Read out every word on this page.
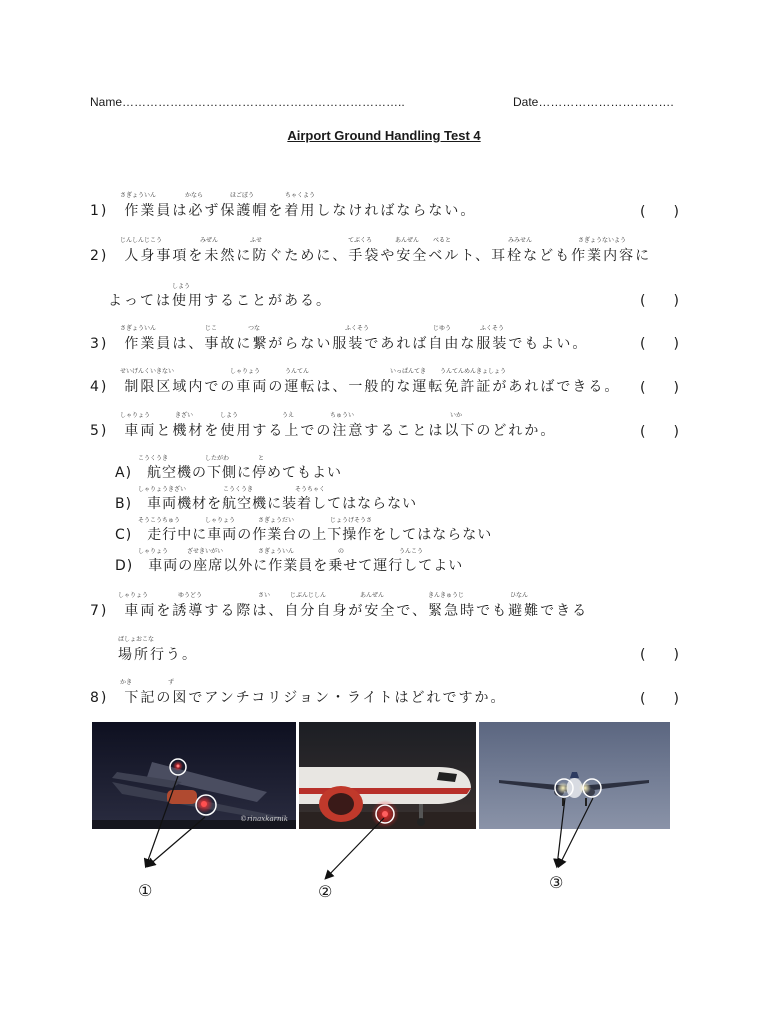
Name……………………………………………………………..	Date…………………………….
Airport Ground Handling Test 4
さぎょういん	かなら	ほごぼう	ちゃくよう
1)　作業員は必ず保護帽を着用しなければならない。	(　　)
じんしんじこう	みぜん	ふせ	てぶくろ	あんぜん べると	みみせん	さぎょうないよう
2)　人身事項を未然に防ぐために、手袋や安全ベルト、耳栓なども作業内容に
しよう
よっては使用することがある。	(　　)
さぎょういん	じこ	つな	ふくそう	じゆう	ふくそう
3)　作業員は、事故に繋がらない服装であれば自由な服装でもよい。	(　　)
せいげんくいきない	しゃりょう	うんてん	いっぱんてき うんてんめんきょしょう
4)　制限区域内での車両の運転は、一般的な運転免許証があればできる。 (　　)
しゃりょう	きざい	しよう	うえ	ちゅうい	いか
5)　車両と機材を使用する上での注意することは以下のどれか。	(　　)
こうくうき	したがわ	と
A)　航空機の下側に停めてもよい
しゃりょうきざい	こうくうき	そうちゃく
B)　車両機材を航空機に装着してはならない
そうこうちゅう	しゃりょう	さぎょうだい	じょうげそうさ
C)　走行中に車両の作業台の上下操作をしてはならない
しゃりょう	ざせきいがい	さぎょういん	の	うんこう
D)　車両の座席以外に作業員を乗せて運行してよい
しゃりょう	ゆうどう	さい	じぶんじしん	あんぜん	きんきゅうじ	ひなん
7)　車両を誘導する際は、自分自身が安全で、緊急時でも避難できる
ばしょおこな
場所行う。	(　　)
かき	ず
8)　下記の図でアンチコリジョン・ライトはどれですか。	(　　)
©rinaxkarnik
①	②	③
